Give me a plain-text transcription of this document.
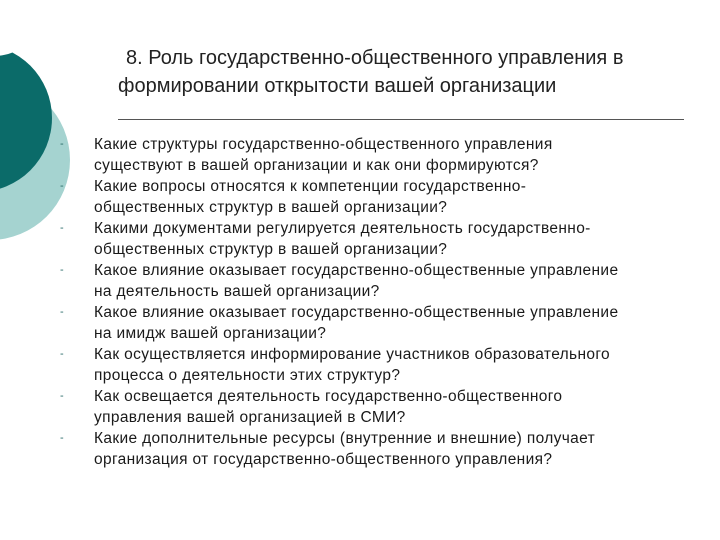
8. Роль государственно-общественного управления в
формировании открытости вашей организации
- Какие структуры государственно-общественного управления
существуют в вашей организации и как они формируются?
- Какие вопросы относятся к компетенции государственно-
общественных структур в вашей организации?
- Какими документами регулируется деятельность государственно-
общественных структур в вашей организации?
- Какое влияние оказывает государственно-общественные управление
на деятельность вашей организации?
- Какое влияние оказывает государственно-общественные управление
на имидж вашей организации?
- Как осуществляется информирование участников образовательного
процесса о деятельности этих структур?
- Как освещается деятельность государственно-общественного
управления вашей организацией в СМИ?
- Какие дополнительные ресурсы (внутренние и внешние) получает
организация от государственно-общественного управления?
